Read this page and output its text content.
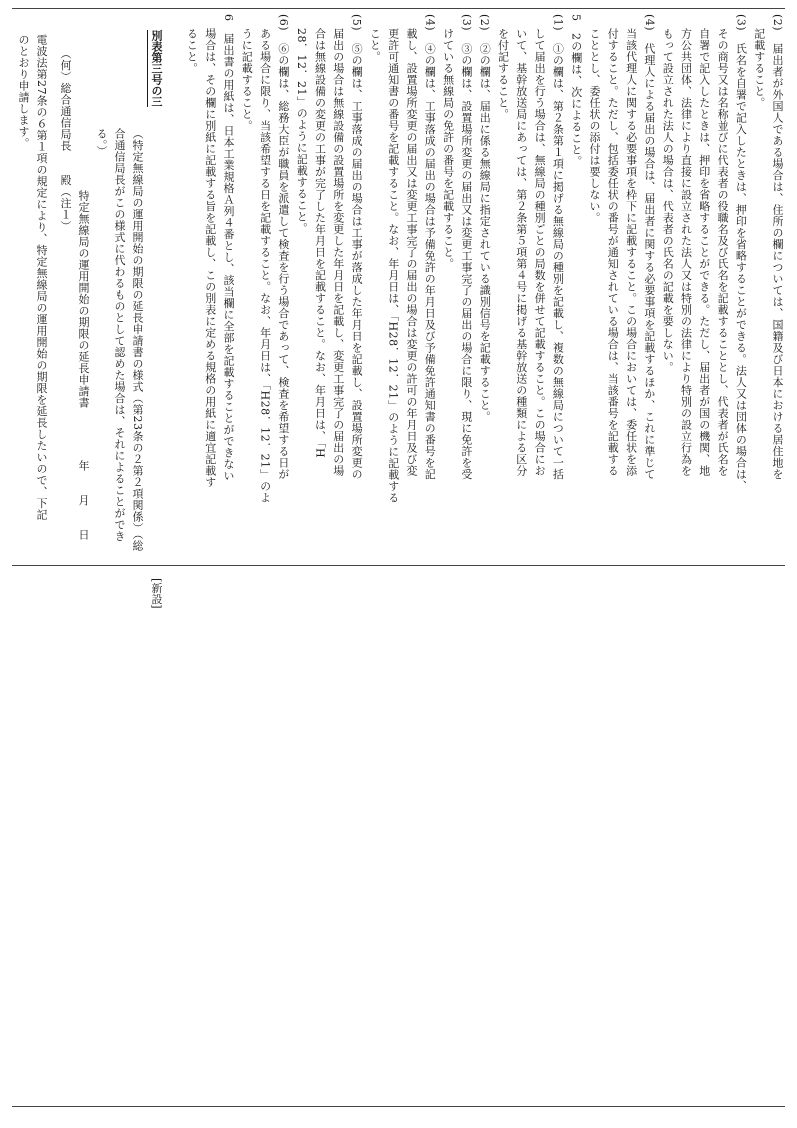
(2)　届出者が外国人である場合は、住所の欄については、国籍及び日本における居住地を
記載すること。
(3)　氏名を自署で記入したときは、押印を省略することができる。法人又は団体の場合は、
その商号又は名称並びに代表者の役職名及び氏名を記載することとし、代表者が氏名を
自署で記入したときは、押印を省略することができる。ただし、届出者が国の機関、地
方公共団体、法律により直接に設立された法人又は特別の法律により特別の設立行為を
もって設立された法人の場合は、代表者の氏名の記載を要しない。
(4)　代理人による届出の場合は、届出者に関する必要事項を記載するほか、これに準じて
当該代理人に関する必要事項を枠下に記載すること。この場合においては、委任状を添
付すること。ただし、包括委任状の番号が通知されている場合は、当該番号を記載する
こととし、委任状の添付は要しない。
5　2の欄は、次によること。
(1)　①の欄は、第２条第１項に掲げる無線局の種別を記載し、複数の無線局について一括
して届出を行う場合は、無線局の種別ごとの局数を併せて記載すること。この場合にお
いて、基幹放送局にあっては、第２条第５項第４号に掲げる基幹放送の種類による区分
を付記すること。
(2)　②の欄は、届出に係る無線局に指定されている識別信号を記載すること。
(3)　③の欄は、設置場所変更の届出又は変更工事完了の届出の場合に限り、現に免許を受
けている無線局の免許の番号を記載すること。
(4)　④の欄は、工事落成の届出の場合は予備免許の年月日及び予備免許通知書の番号を記
載し、設置場所変更の届出又は変更工事完了の届出の場合は変更の許可の年月日及び変
更許可通知書の番号を記載すること。なお、年月日は、「H28．12．21」のように記載する
こと。
(5)　⑤の欄は、工事落成の届出の場合は工事が落成した年月日を記載し、設置場所変更の
届出の場合は無線設備の設置場所を変更した年月日を記載し、変更工事完了の届出の場
合は無線設備の変更の工事が完了した年月日を記載すること。なお、年月日は、「H
28．12．21」のように記載すること。
(6)　⑥の欄は、総務大臣が職員を派遣して検査を行う場合であって、検査を希望する日が
ある場合に限り、当該希望する日を記載すること。なお、年月日は、「H28．12．21」のよ
うに記載すること。
6　届出書の用紙は、日本工業規格Ａ列４番とし、該当欄に全部を記載することができない
場合は、その欄に別紙に記載する旨を記載し、この別表に定める規格の用紙に適宜記載す
ること。
[新設]
別表第三号の三
（特定無線局の運用開始の期限の延長申請書の様式（第23条の２第２項関係）（総
合通信局長がこの様式に代わるものとして認めた場合は、それによることができ
る。）
特定無線局の運用開始の期限の延長申請書
年　　月　　日
（何）総合通信局長　　殿（注１）
電波法第27条の６第１項の規定により、特定無線局の運用開始の期限を延長したいので、下記
のとおり申請します。
